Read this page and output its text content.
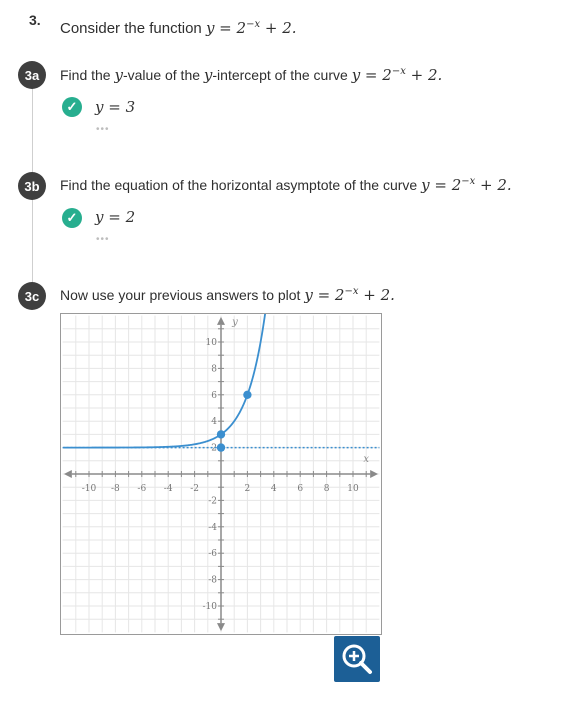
3. Consider the function $y = 2^{-x} + 2$.
3a	Find the y-value of the y-intercept of the curve $y = 2^{-x} + 2$.
✓	y = 3
•••
3b	Find the equation of the horizontal asymptote of the curve $y = 2^{-x} + 2$.
✓	y = 2
•••
3c	Now use your previous answers to plot $y = 2^{-x} + 2$.
-10 -8 -6 -4 -2	2 4 6 8 10
10
8
6
4
2
-2
-4
-6
-8
-10
x
y
